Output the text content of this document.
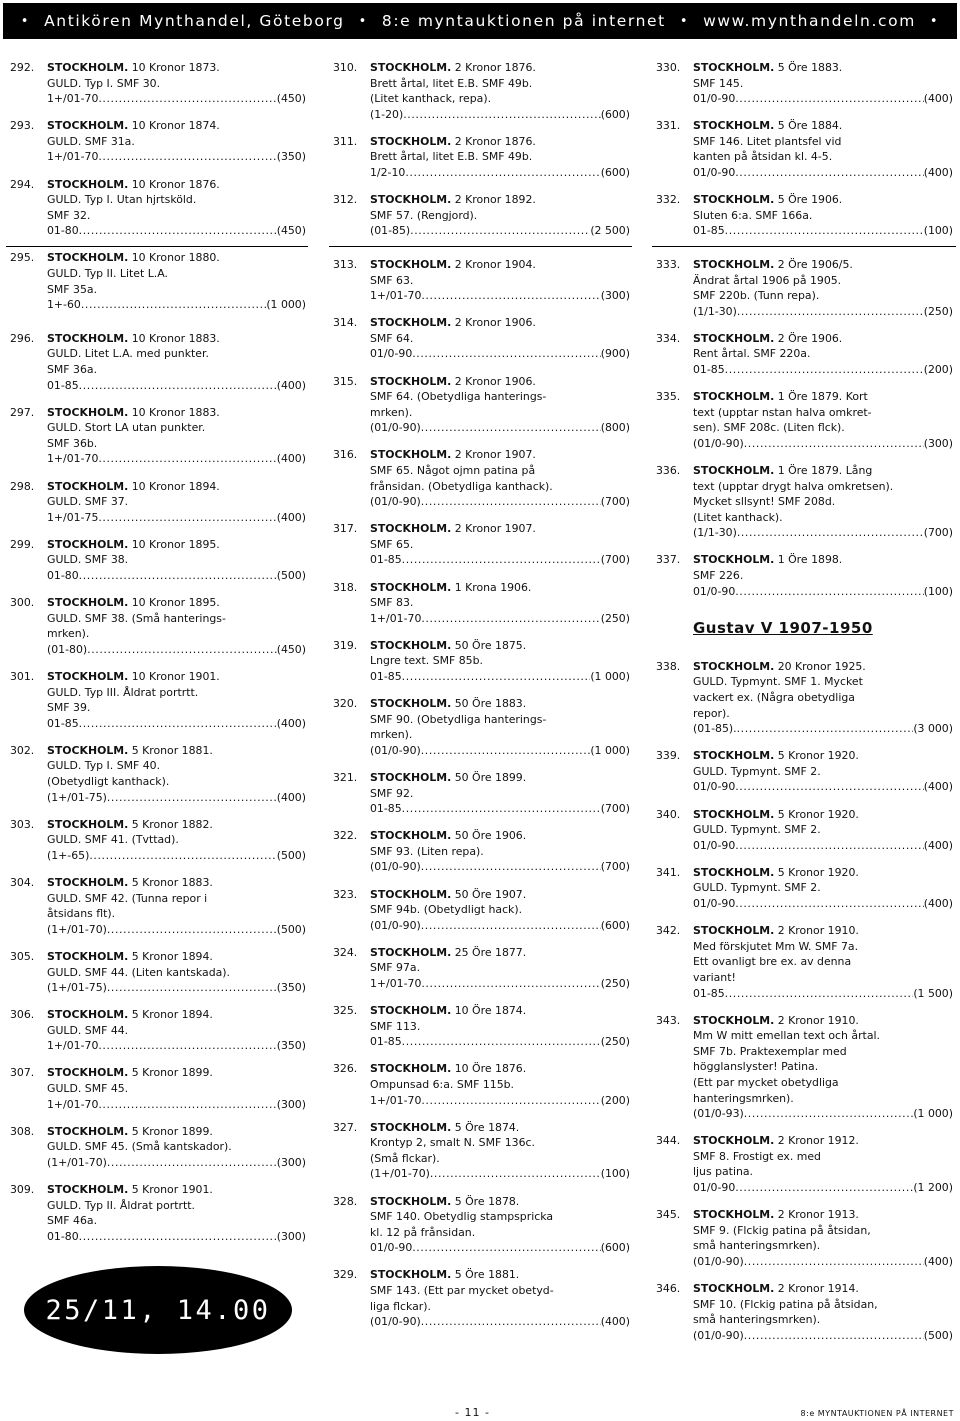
• Antikören Mynthandel, Göteborg • 8:e myntauktionen på internet • www.mynthandeln.com •
292.	STOCKHOLM. 10 Kronor 1873.
GULD. Typ I. SMF 30.
1+/01-70 .....	(450)
293.	STOCKHOLM. 10 Kronor 1874.
GULD. SMF 31a.
1+/01-70 .....	(350)
294.	STOCKHOLM. 10 Kronor 1876.
GULD. Typ I. Utan hjrtsköld.
SMF 32.
01-80 .....	(450)
295.	STOCKHOLM. 10 Kronor 1880.
GULD. Typ II. Litet L.A.
SMF 35a.
1+-60 .....	(1 000)
296.	STOCKHOLM. 10 Kronor 1883.
GULD. Litet L.A. med punkter.
SMF 36a.
01-85 .....	(400)
297.	STOCKHOLM. 10 Kronor 1883.
GULD. Stort LA utan punkter.
SMF 36b.
1+/01-70 .....	(400)
298.	STOCKHOLM. 10 Kronor 1894.
GULD. SMF 37.
1+/01-75 .....	(400)
299.	STOCKHOLM. 10 Kronor 1895.
GULD. SMF 38.
01-80 .....	(500)
300.	STOCKHOLM. 10 Kronor 1895.
GULD. SMF 38. (Små hanterings-
mrken).
(01-80) .....	(450)
301.	STOCKHOLM. 10 Kronor 1901.
GULD. Typ III. Åldrat portrtt.
SMF 39.
01-85 .....	(400)
302.	STOCKHOLM. 5 Kronor 1881.
GULD. Typ I. SMF 40.
(Obetydligt kanthack).
(1+/01-75) .....	(400)
303.	STOCKHOLM. 5 Kronor 1882.
GULD. SMF 41. (Tvttad).
(1+-65) .....	(500)
304.	STOCKHOLM. 5 Kronor 1883.
GULD. SMF 42. (Tunna repor i
åtsidans flt).
(1+/01-70) .....	(500)
305.	STOCKHOLM. 5 Kronor 1894.
GULD. SMF 44. (Liten kantskada).
(1+/01-75) .....	(350)
306.	STOCKHOLM. 5 Kronor 1894.
GULD. SMF 44.
1+/01-70 .....	(350)
307.	STOCKHOLM. 5 Kronor 1899.
GULD. SMF 45.
1+/01-70 .....	(300)
308.	STOCKHOLM. 5 Kronor 1899.
GULD. SMF 45. (Små kantskador).
(1+/01-70) .....	(300)
309.	STOCKHOLM. 5 Kronor 1901.
GULD. Typ II. Åldrat portrtt.
SMF 46a.
01-80 .....	(300)
310.	STOCKHOLM. 2 Kronor 1876.
Brett årtal, litet E.B. SMF 49b.
(Litet kanthack, repa).
(1-20) .....	(600)
311.	STOCKHOLM. 2 Kronor 1876.
Brett årtal, litet E.B. SMF 49b.
1/2-10 .....	(600)
312.	STOCKHOLM. 2 Kronor 1892.
SMF 57. (Rengjord).
(01-85) .....	(2 500)
313.	STOCKHOLM. 2 Kronor 1904.
SMF 63.
1+/01-70 .....	(300)
314.	STOCKHOLM. 2 Kronor 1906.
SMF 64.
01/0-90 .....	(900)
315.	STOCKHOLM. 2 Kronor 1906.
SMF 64. (Obetydliga hanterings-
mrken).
(01/0-90) .....	(800)
316.	STOCKHOLM. 2 Kronor 1907.
SMF 65. Något ojmn patina på
frånsidan. (Obetydliga kanthack).
(01/0-90) .....	(700)
317.	STOCKHOLM. 2 Kronor 1907.
SMF 65.
01-85 .....	(700)
318.	STOCKHOLM. 1 Krona 1906.
SMF 83.
1+/01-70 .....	(250)
319.	STOCKHOLM. 50 Öre 1875.
Lngre text. SMF 85b.
01-85 .....	(1 000)
320.	STOCKHOLM. 50 Öre 1883.
SMF 90. (Obetydliga hanterings-
mrken).
(01/0-90) .....	(1 000)
321.	STOCKHOLM. 50 Öre 1899.
SMF 92.
01-85 .....	(700)
322.	STOCKHOLM. 50 Öre 1906.
SMF 93. (Liten repa).
(01/0-90) .....	(700)
323.	STOCKHOLM. 50 Öre 1907.
SMF 94b. (Obetydligt hack).
(01/0-90) .....	(600)
324.	STOCKHOLM. 25 Öre 1877.
SMF 97a.
1+/01-70 .....	(250)
325.	STOCKHOLM. 10 Öre 1874.
SMF 113.
01-85 .....	(250)
326.	STOCKHOLM. 10 Öre 1876.
Ompunsad 6:a. SMF 115b.
1+/01-70 .....	(200)
327.	STOCKHOLM. 5 Öre 1874.
Krontyp 2, smalt N. SMF 136c.
(Små flckar).
(1+/01-70) .....	(100)
328.	STOCKHOLM. 5 Öre 1878.
SMF 140. Obetydlig stampspricka
kl. 12 på frånsidan.
01/0-90 .....	(600)
329.	STOCKHOLM. 5 Öre 1881.
SMF 143. (Ett par mycket obetyd-
liga flckar).
(01/0-90) .....	(400)
330.	STOCKHOLM. 5 Öre 1883.
SMF 145.
01/0-90 .....	(400)
331.	STOCKHOLM. 5 Öre 1884.
SMF 146. Litet plantsfel vid
kanten på åtsidan kl. 4-5.
01/0-90 .....	(400)
332.	STOCKHOLM. 5 Öre 1906.
Sluten 6:a. SMF 166a.
01-85 .....	(100)
333.	STOCKHOLM. 2 Öre 1906/5.
Ändrat årtal 1906 på 1905.
SMF 220b. (Tunn repa).
(1/1-30) .....	(250)
334.	STOCKHOLM. 2 Öre 1906.
Rent årtal. SMF 220a.
01-85 .....	(200)
335.	STOCKHOLM. 1 Öre 1879. Kort
text (upptar nstan halva omkret-
sen). SMF 208c. (Liten flck).
(01/0-90) .....	(300)
336.	STOCKHOLM. 1 Öre 1879. Lång
text (upptar drygt halva omkretsen).
Mycket sllsynt! SMF 208d.
(Litet kanthack).
(1/1-30) .....	(700)
337.	STOCKHOLM. 1 Öre 1898.
SMF 226.
01/0-90 .....	(100)
Gustav V 1907-1950
338.	STOCKHOLM. 20 Kronor 1925.
GULD. Typmynt. SMF 1. Mycket
vackert ex. (Några obetydliga
repor).
(01-85). .....	(3 000)
339.	STOCKHOLM. 5 Kronor 1920.
GULD. Typmynt. SMF 2.
01/0-90 .....	(400)
340.	STOCKHOLM. 5 Kronor 1920.
GULD. Typmynt. SMF 2.
01/0-90 .....	(400)
341.	STOCKHOLM. 5 Kronor 1920.
GULD. Typmynt. SMF 2.
01/0-90 .....	(400)
342.	STOCKHOLM. 2 Kronor 1910.
Med förskjutet Mm W. SMF 7a.
Ett ovanligt bre ex. av denna
variant!
01-85 .....	(1 500)
343.	STOCKHOLM. 2 Kronor 1910.
Mm W mitt emellan text och årtal.
SMF 7b. Praktexemplar med
högglanslyster! Patina.
(Ett par mycket obetydliga
hanteringsmrken).
(01/0-93) .....	(1 000)
344.	STOCKHOLM. 2 Kronor 1912.
SMF 8. Frostigt ex. med
ljus patina.
01/0-90 .....	(1 200)
345.	STOCKHOLM. 2 Kronor 1913.
SMF 9. (Flckig patina på åtsidan,
små hanteringsmrken).
(01/0-90) .....	(400)
346.	STOCKHOLM. 2 Kronor 1914.
SMF 10. (Flckig patina på åtsidan,
små hanteringsmrken).
(01/0-90) .....	(500)
25/11, 14.00
- 11 -	8:e MYNTAUKTIONEN PÅ INTERNET
